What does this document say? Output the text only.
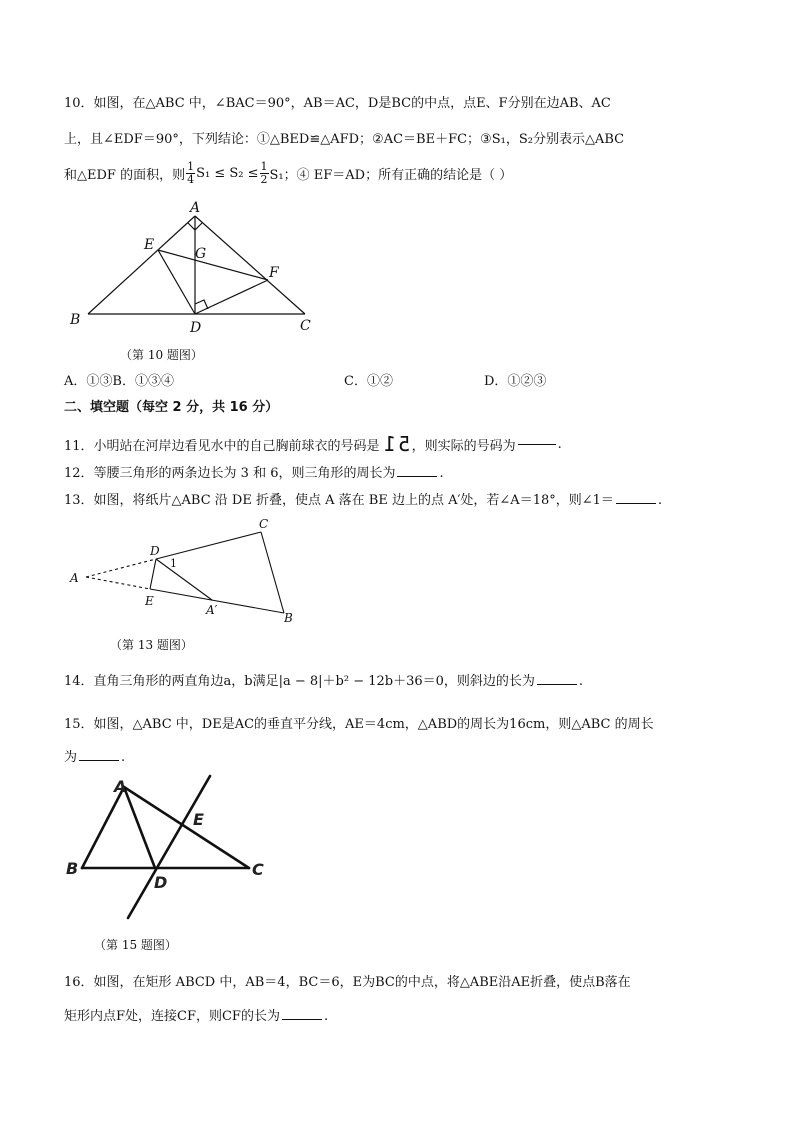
10．如图，在△ABC 中，∠BAC＝90°，AB＝AC，D是BC的中点，点E、F分别在边AB、AC
上，且∠EDF＝90°，下列结论：①△BED≌△AFD；②AC＝BE＋FC；③S₁，S₂分别表示△ABC
和△EDF 的面积，则 $\frac{1}{4} S_1 \le S_2 \le \frac{1}{2} S_1$；④ EF＝AD；所有正确的结论是（ ）
A
B	C
D
E
F
G
（第 10 题图）
A．①③B．①③④	C．①②	D．①②③
二、填空题（每空 2 分，共 16 分）
11．小明站在河岸边看见水中的自己胸前球衣的号码是 51 ，则实际的号码为	.
12．等腰三角形的两条边长为 3 和 6，则三角形的周长为	.
13．如图，将纸片△ABC 沿 DE 折叠，使点 A 落在 BE 边上的点 A′处，若∠A＝18°，则∠1＝	.
D
C
B
A
E
A′
1
（第 13 题图）
14．直角三角形的两直角边a，b满足|a − 8|＋b² − 12b＋36＝0，则斜边的长为	.
15．如图，△ABC 中，DE是AC的垂直平分线，AE＝4cm，△ABD的周长为16cm，则△ABC 的周长
为	.
A
B	C
D
E
（第 15 题图）
16．如图，在矩形 ABCD 中，AB＝4，BC＝6，E为BC的中点，将△ABE沿AE折叠，使点B落在
矩形内点F处，连接CF，则CF的长为	.
